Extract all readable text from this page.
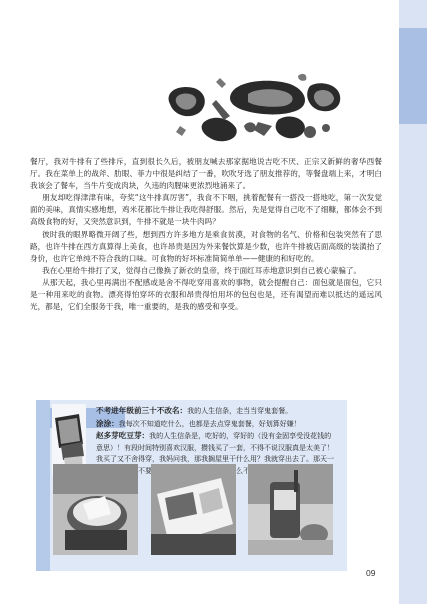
餐厅，我对牛排有了些排斥，直到很长久后，被朋友喊去那家据地说吉吃不厌、正宗又新鲜的奢华西餐厅。我在菜单上的战斧、肋眼、菲力中很是纠结了一番，吹吹牙选了朋友推荐的，等餐盘端上来，才明白我该会了餐车，当牛片变成肉块，久违的肉腥味更浓烈地涌来了。

朋友却吃得津津有味，夸奖“这牛排真厉害”，我食不下咽，挑着配餐有一搭没一搭地吃，第一次发觉面的美味，真情实感地想，鸡米花都比牛排让我吃得舒服。然后，先是觉得自己吃不了细糠，都体会不到高级食物的好，又突然意识到，牛排不就是一块牛肉吗？

彼时我的眼界略微开阔了些，想到西方许多地方是乘食贫漠，对食物的名气、价格和包装突然有了思路，也许牛排在西方真算得上美食，也许昂贵是因为外来餐饮算是少数，也许牛排被店面高级的装潢抬了身价，也许它单纯不符合我的口味。可食物的好坏标准简简单单——健康的和好吃的。

我在心里给牛排打了叉，觉得自己像换了新衣的皇帝，终于面红耳赤地意识到自己被心蒙骗了。

从那天起，我心里再满出不配感或是舍不得吃穿用喜欢的事物，就会提醒自己：面包就是面包，它只是一种用来吃的食物。漂亮得怕穿坏的衣服和昂贵得怕用坏的包包也是，还有渴望而难以抵达的遥远风光，都是，它们全服务于我，唯一重要的，是我的感受和享受。

不考进年级前三十不改名：我的人生信条，走当当穿鬼套餐。

涂涂：我每次不知道吃什么，也都是去点穿鬼套餐，好划算好嫌！

赵多芽吃豆芽：我的人生信条是，吃好的，穿好的（没有金固享受没花钱的意思）！有段时间特别喜欢汉服，攒钱买了一套，不得不说汉服真是太美了！我买了又不舍得穿，我妈问我，那我搁屋里干什么用？我就穿出去了。那天一 人夸，不要太开心 么不

09
